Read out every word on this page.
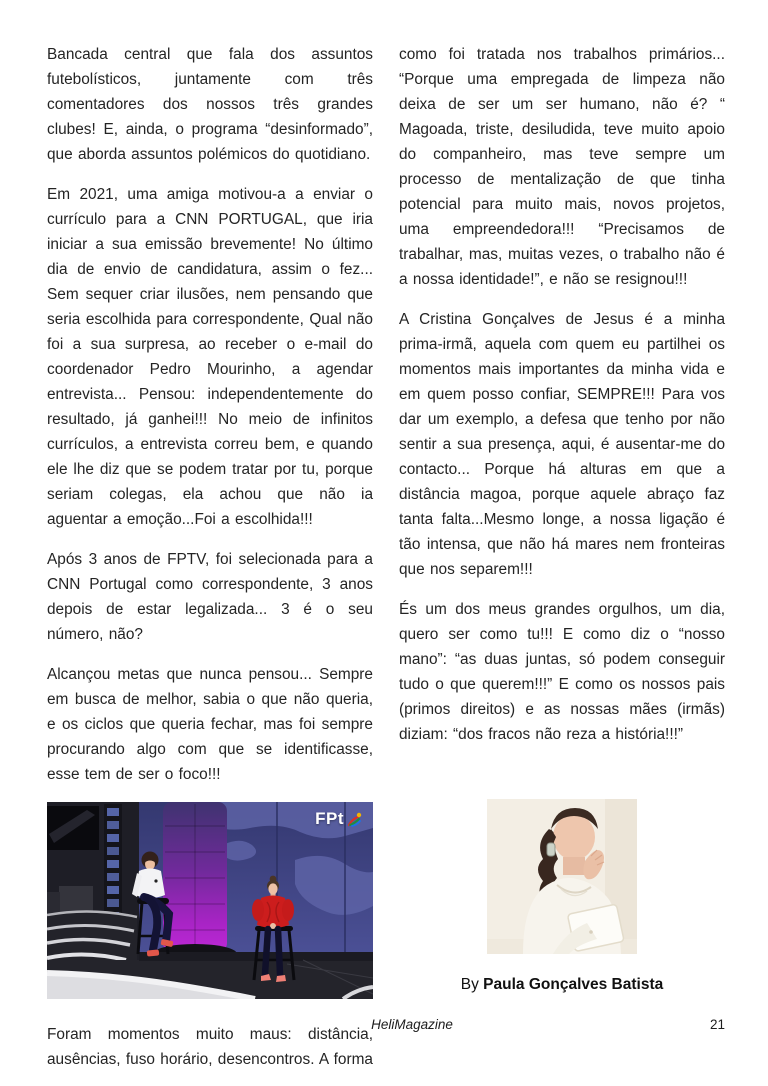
Bancada central que fala dos assuntos futebolísticos, juntamente com três comentadores dos nossos três grandes clubes! E, ainda, o programa “desinformado”, que aborda assuntos polémicos do quotidiano.

Em 2021, uma amiga motivou-a a enviar o currículo para a CNN PORTUGAL, que iria iniciar a sua emissão brevemente! No último dia de envio de candidatura, assim o fez... Sem sequer criar ilusões, nem pensando que seria escolhida para correspondente, Qual não foi a sua surpresa, ao receber o e-mail do coordenador Pedro Mourinho, a agendar entrevista... Pensou: independentemente do resultado, já ganhei!!! No meio de infinitos currículos, a entrevista correu bem, e quando ele lhe diz que se podem tratar por tu, porque seriam colegas, ela achou que não ia aguentar a emoção...Foi a escolhida!!!

Após 3 anos de FPTV, foi selecionada para a CNN Portugal como correspondente, 3 anos depois de estar legalizada... 3 é o seu número, não?

Alcançou metas que nunca pensou... Sempre em busca de melhor, sabia o que não queria, e os ciclos que queria fechar, mas foi sempre procurando algo com que se identificasse, esse tem de ser o foco!!!

FPt

Foram momentos muito maus: distância, ausências, fuso horário, desencontros. A forma

como foi tratada nos trabalhos primários... “Porque uma empregada de limpeza não deixa de ser um ser humano, não é? “ Magoada, triste, desiludida, teve muito apoio do companheiro, mas teve sempre um processo de mentalização de que tinha potencial para muito mais, novos projetos, uma empreendedora!!! “Precisamos de trabalhar, mas, muitas vezes, o trabalho não é a nossa identidade!”, e não se resignou!!!

A Cristina Gonçalves de Jesus é a minha prima-irmã, aquela com quem eu partilhei os momentos mais importantes da minha vida e em quem posso confiar, SEMPRE!!! Para vos dar um exemplo, a defesa que tenho por não sentir a sua presença, aqui, é ausentar-me do contacto... Porque há alturas em que a distância magoa, porque aquele abraço faz tanta falta...Mesmo longe, a nossa ligação é tão intensa, que não há mares nem fronteiras que nos separem!!!

És um dos meus grandes orgulhos, um dia, quero ser como tu!!! E como diz o “nosso mano”: “as duas juntas, só podem conseguir tudo o que querem!!!” E como os nossos pais (primos direitos) e as nossas mães (irmãs) diziam: “dos fracos não reza a história!!!”

By Paula Gonçalves Batista
HeliMagazine	21
